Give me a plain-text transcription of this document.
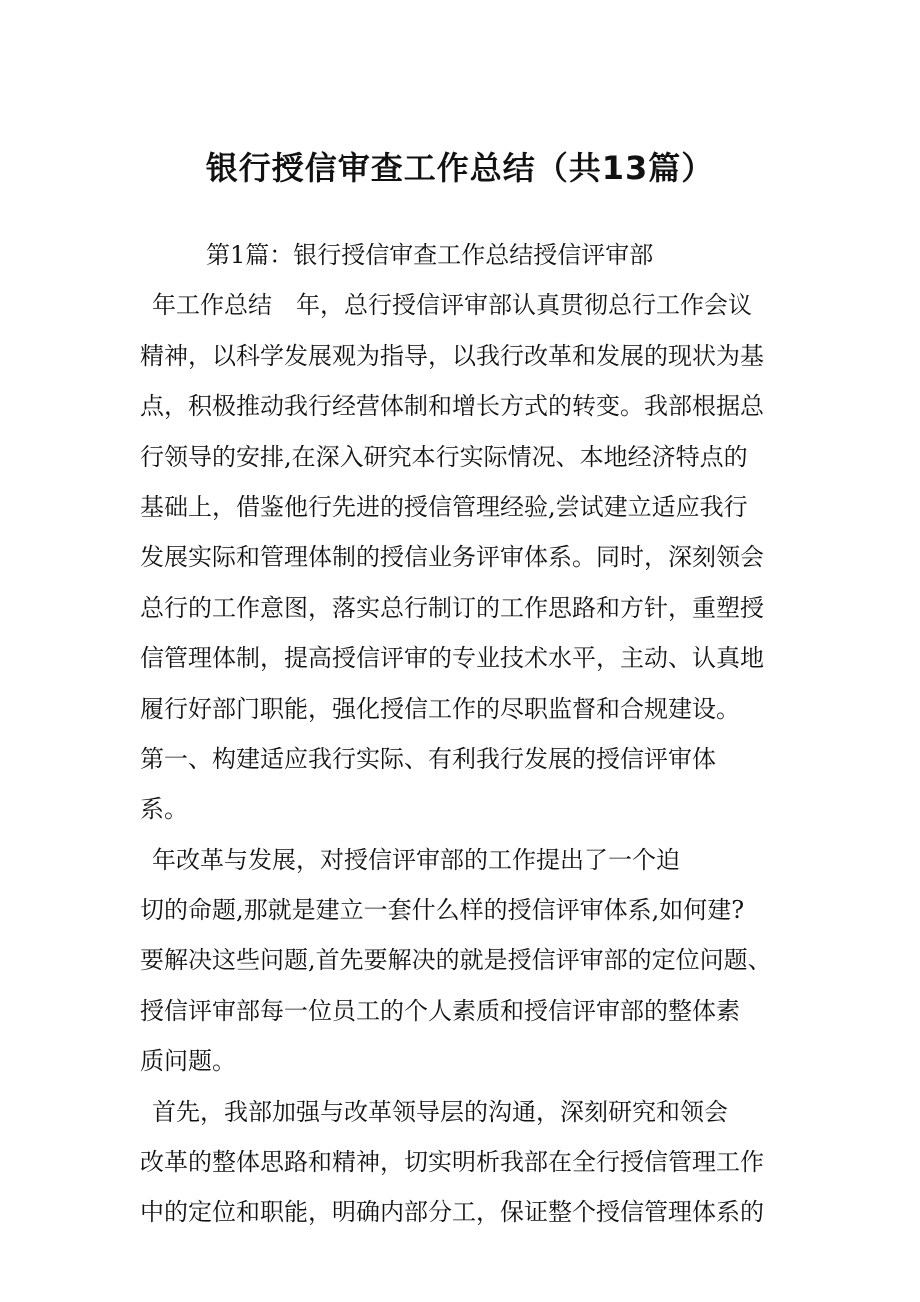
银行授信审查工作总结（共13篇）
第1篇：银行授信审查工作总结授信评审部
年工作总结　年，总行授信评审部认真贯彻总行工作会议
精神，以科学发展观为指导，以我行改革和发展的现状为基
点，积极推动我行经营体制和增长方式的转变。我部根据总
行领导的安排,在深入研究本行实际情况、本地经济特点的
基础上，借鉴他行先进的授信管理经验,尝试建立适应我行
发展实际和管理体制的授信业务评审体系。同时，深刻领会
总行的工作意图，落实总行制订的工作思路和方针，重塑授
信管理体制，提高授信评审的专业技术水平，主动、认真地
履行好部门职能，强化授信工作的尽职监督和合规建设。
第一、构建适应我行实际、有利我行发展的授信评审体
系。
年改革与发展，对授信评审部的工作提出了一个迫
切的命题,那就是建立一套什么样的授信评审体系,如何建?
要解决这些问题,首先要解决的就是授信评审部的定位问题、
授信评审部每一位员工的个人素质和授信评审部的整体素
质问题。
首先，我部加强与改革领导层的沟通，深刻研究和领会
改革的整体思路和精神，切实明析我部在全行授信管理工作
中的定位和职能，明确内部分工，保证整个授信管理体系的
